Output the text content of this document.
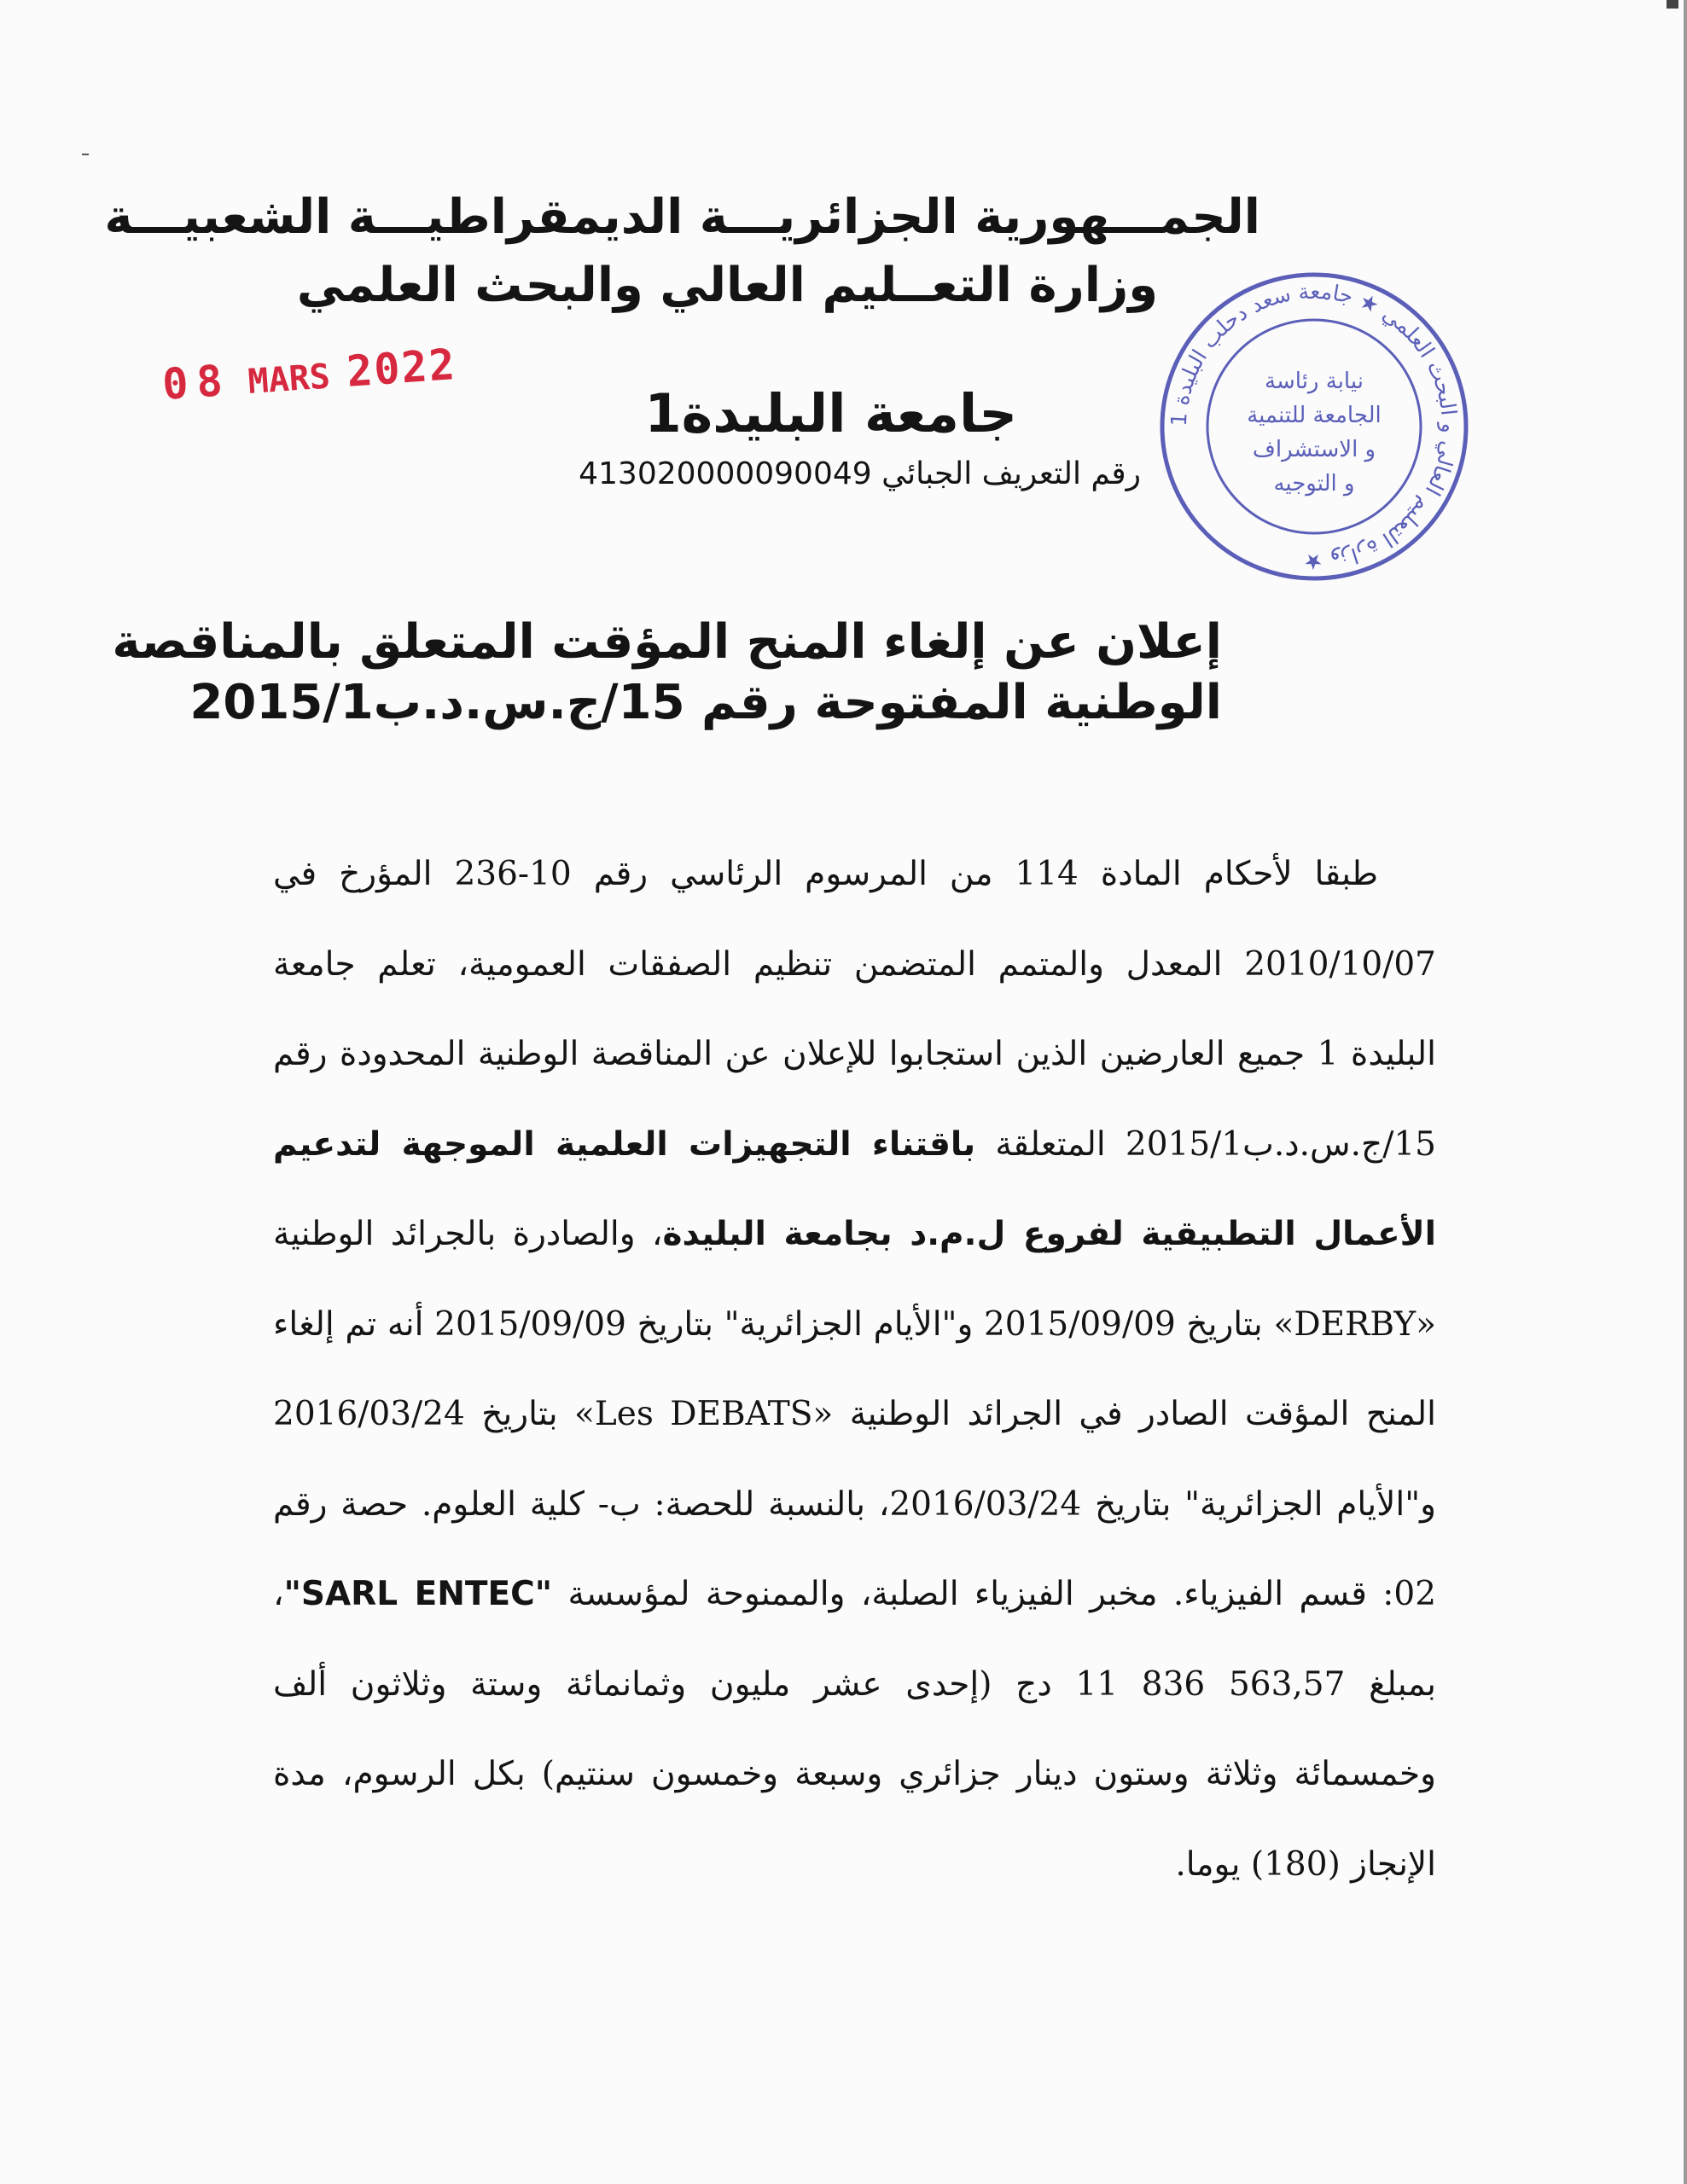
الجمـــهورية الجزائريـــة الديمقراطيـــة الشعبيـــة
وزارة التعــليم العالي والبحث العلمي
جامعة البليدة1
رقم التعريف الجبائي 413020000090049
08 MARS 2022
وزارة التعليم العالي و البحث العلمي ★ جامعة سعد دحلب البليدة 1 ★
نيابة رئاسة
الجامعة للتنمية
و الاستشراف
و التوجيه
إعلان عن إلغاء المنح المؤقت المتعلق بالمناقصة
الوطنية المفتوحة رقم 15/ج.س.د.ب2015/1

طبقا لأحكام المادة 114 من المرسوم الرئاسي رقم 10-236 المؤرخ في 2010/10/07 المعدل والمتمم المتضمن تنظيم الصفقات العمومية، تعلم جامعة البليدة 1 جميع العارضين الذين استجابوا للإعلان عن المناقصة الوطنية المحدودة رقم 15/ج.س.د.ب2015/1 المتعلقة باقتناء التجهيزات العلمية الموجهة لتدعيم الأعمال التطبيقية لفروع ل.م.د بجامعة البليدة، والصادرة بالجرائد الوطنية «DERBY» بتاريخ 2015/09/09 و"الأيام الجزائرية" بتاريخ 2015/09/09 أنه تم إلغاء المنح المؤقت الصادر في الجرائد الوطنية «Les DEBATS» بتاريخ 2016/03/24 و"الأيام الجزائرية" بتاريخ 2016/03/24، بالنسبة للحصة: ب- كلية العلوم. حصة رقم 02: قسم الفيزياء. مخبر الفيزياء الصلبة، والممنوحة لمؤسسة "SARL ENTEC"، بمبلغ 11 836 563,57 دج (إحدى عشر مليون وثمانمائة وستة وثلاثون ألف وخمسمائة وثلاثة وستون دينار جزائري وسبعة وخمسون سنتيم) بكل الرسوم، مدة الإنجاز (180) يوما.
